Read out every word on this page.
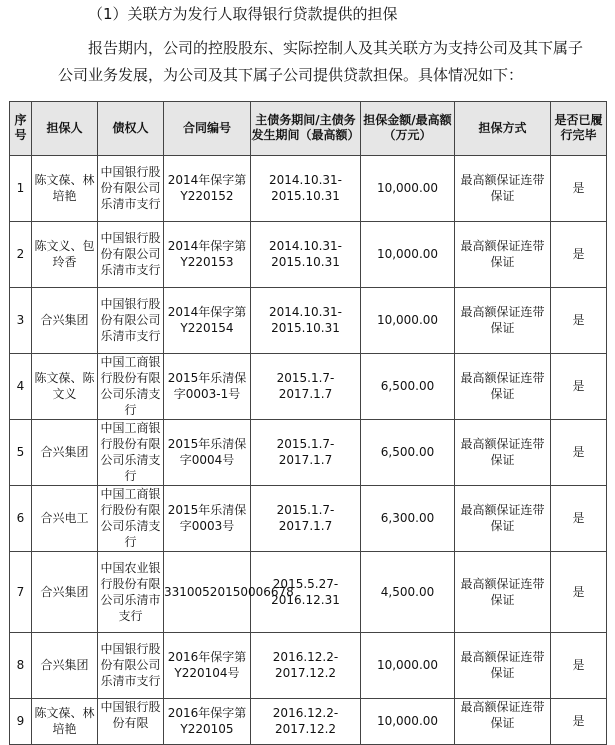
（1）关联方为发行人取得银行贷款提供的担保
报告期内，公司的控股股东、实际控制人及其关联方为支持公司及其下属子
公司业务发展，为公司及其下属子公司提供贷款担保。具体情况如下：

序号	担保人	债权人	合同编号	主债务期间/主债务发生期间（最高额）	担保金额/最高额（万元）	担保方式	是否已履行完毕
1	陈文葆、林培艳	中国银行股份有限公司乐清市支行	2014年保字第Y220152	2014.10.31-2015.10.31	10,000.00	最高额保证连带保证	是
2	陈文义、包玲香	中国银行股份有限公司乐清市支行	2014年保字第Y220153	2014.10.31-2015.10.31	10,000.00	最高额保证连带保证	是
3	合兴集团	中国银行股份有限公司乐清市支行	2014年保字第Y220154	2014.10.31-2015.10.31	10,000.00	最高额保证连带保证	是
4	陈文葆、陈文义	中国工商银行股份有限公司乐清支行	2015年乐清保字0003-1号	2015.1.7-2017.1.7	6,500.00	最高额保证连带保证	是
5	合兴集团	中国工商银行股份有限公司乐清支行	2015年乐清保字0004号	2015.1.7-2017.1.7	6,500.00	最高额保证连带保证	是
6	合兴电工	中国工商银行股份有限公司乐清支行	2015年乐清保字0003号	2015.1.7-2017.1.7	6,300.00	最高额保证连带保证	是
7	合兴集团	中国农业银行股份有限公司乐清市支行	33100520150006678	2015.5.27-2016.12.31	4,500.00	最高额保证连带保证	是
8	合兴集团	中国银行股份有限公司乐清市支行	2016年保字第Y220104号	2016.12.2-2017.12.2	10,000.00	最高额保证连带保证	是
9	陈文葆、林培艳	中国银行股份有限	2016年保字第Y220105	2016.12.2-2017.12.2	10,000.00	最高额保证连带保证	是
